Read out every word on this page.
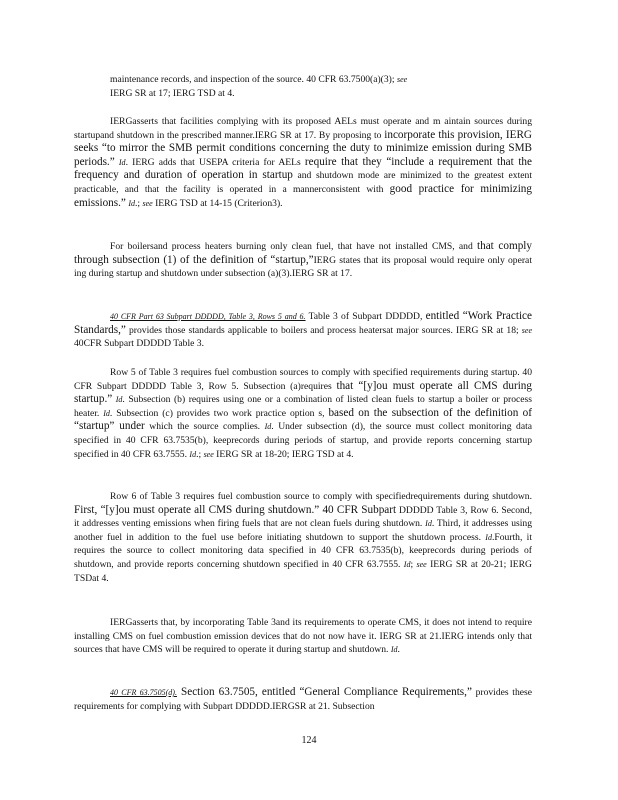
maintenance records, and inspection of the source. 40 CFR 63.7500(a)(3); see
IERG SR at 17; IERG TSD at 4.

IERGasserts that facilities complying with its proposed AELs must operate and m aintain sources during startupand shutdown in the prescribed manner.IERG SR at 17. By proposing to incorporate this provision, IERG seeks “to mirror the SMB permit conditions concerning the duty to minimize emission during SMB periods.” Id. IERG adds that USEPA criteria for AELs require that they “include a requirement that the frequency and duration of operation in startup and shutdown mode are minimized to the greatest extent practicable, and that the facility is operated in a mannerconsistent with good practice for minimizing emissions.” Id.; see IERG TSD at 14-15 (Criterion3).

For boilersand process heaters burning only clean fuel, that have not installed CMS, and that comply through subsection (1) of the definition of “startup,”IERG states that its proposal would require only operat ing during startup and shutdown under subsection (a)(3).IERG SR at 17.

40 CFR Part 63 Subpart DDDDD, Table 3, Rows 5 and 6. Table 3 of Subpart DDDDD, entitled “Work Practice Standards,” provides those standards applicable to boilers and process heatersat major sources. IERG SR at 18; see 40CFR Subpart DDDDD Table 3.

Row 5 of Table 3 requires fuel combustion sources to comply with specified requirements during startup. 40 CFR Subpart DDDDD Table 3, Row 5. Subsection (a)requires that “[y]ou must operate all CMS during startup.” Id. Subsection (b) requires using one or a combination of listed clean fuels to startup a boiler or process heater. Id. Subsection (c) provides two work practice option s, based on the subsection of the definition of “startup” under which the source complies. Id. Under subsection (d), the source must collect monitoring data specified in 40 CFR 63.7535(b), keeprecords during periods of startup, and provide reports concerning startup specified in 40 CFR 63.7555. Id.; see IERG SR at 18-20; IERG TSD at 4.

Row 6 of Table 3 requires fuel combustion source to comply with specifiedrequirements during shutdown. First, “[y]ou must operate all CMS during shutdown.” 40 CFR Subpart DDDDD Table 3, Row 6. Second, it addresses venting emissions when firing fuels that are not clean fuels during shutdown. Id. Third, it addresses using another fuel in addition to the fuel use before initiating shutdown to support the shutdown process. Id.Fourth, it requires the source to collect monitoring data specified in 40 CFR 63.7535(b), keeprecords during periods of shutdown, and provide reports concerning shutdown specified in 40 CFR 63.7555. Id; see IERG SR at 20-21; IERG TSDat 4.

IERGasserts that, by incorporating Table 3and its requirements to operate CMS, it does not intend to require installing CMS on fuel combustion emission devices that do not now have it. IERG SR at 21.IERG intends only that sources that have CMS will be required to operate it during startup and shutdown. Id.

40 CFR 63.7505(d). Section 63.7505, entitled “General Compliance Requirements,” provides these requirements for complying with Subpart DDDDD.IERGSR at 21. Subsection

124
